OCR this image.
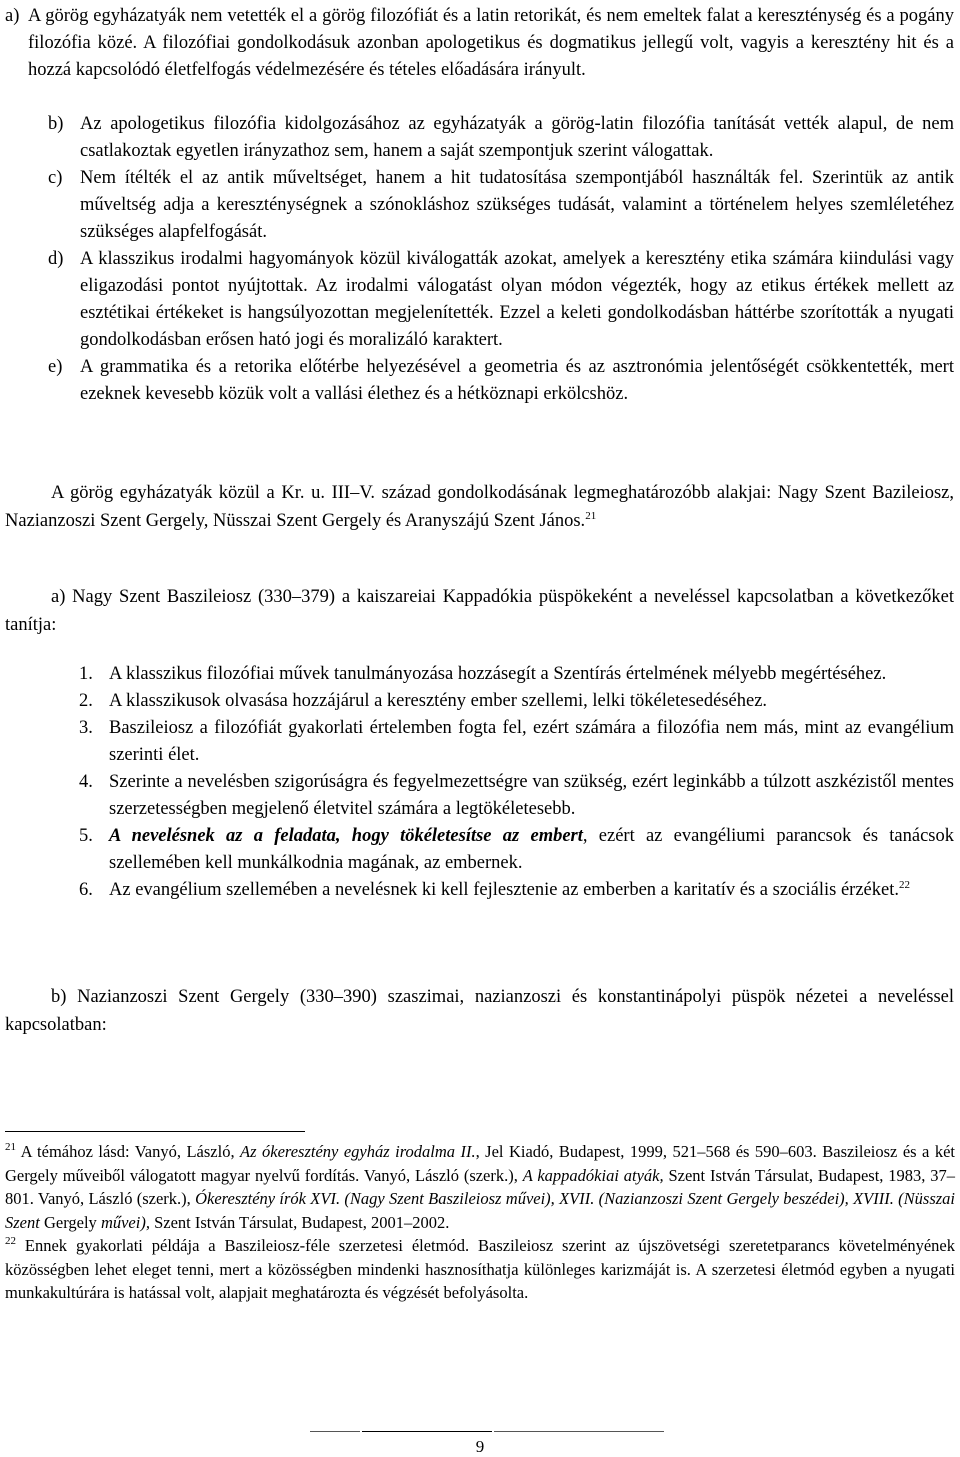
a) A görög egyházatyák nem vetették el a görög filozófiát és a latin retorikát, és nem emeltek falat a kereszténység és a pogány filozófia közé. A filozófiai gondolkodásuk azonban apologetikus és dogmatikus jellegű volt, vagyis a keresztény hit és a hozzá kapcsolódó életfelfogás védelmezésére és tételes előadására irányult.
b) Az apologetikus filozófia kidolgozásához az egyházatyák a görög-latin filozófia tanítását vették alapul, de nem csatlakoztak egyetlen irányzathoz sem, hanem a saját szempontjuk szerint válogattak.
c) Nem ítélték el az antik műveltséget, hanem a hit tudatosítása szempontjából használták fel. Szerintük az antik műveltség adja a kereszténységnek a szónokláshoz szükséges tudását, valamint a történelem helyes szemléletéhez szükséges alapfelfogását.
d) A klasszikus irodalmi hagyományok közül kiválogatták azokat, amelyek a keresztény etika számára kiindulási vagy eligazodási pontot nyújtottak. Az irodalmi válogatást olyan módon végezték, hogy az etikus értékek mellett az esztétikai értékeket is hangsúlyozottan megjelenítették. Ezzel a keleti gondolkodásban háttérbe szorították a nyugati gondolkodásban erősen ható jogi és moralizáló karaktert.
e) A grammatika és a retorika előtérbe helyezésével a geometria és az asztronómia jelentőségét csökkentették, mert ezeknek kevesebb közük volt a vallási élethez és a hétköznapi erkölcshöz.
A görög egyházatyák közül a Kr. u. III–V. század gondolkodásának legmeghatározóbb alakjai: Nagy Szent Bazileiosz, Nazianzoszi Szent Gergely, Nüsszai Szent Gergely és Aranyszájú Szent János.$^{21}$
a) Nagy Szent Baszileiosz (330–379) a kaiszareiai Kappadókia püspökeként a neveléssel kapcsolatban a következőket tanítja:
1. A klasszikus filozófiai művek tanulmányozása hozzásegít a Szentírás értelmének mélyebb megértéséhez.
2. A klasszikusok olvasása hozzájárul a keresztény ember szellemi, lelki tökéletesedéséhez.
3. Baszileiosz a filozófiát gyakorlati értelemben fogta fel, ezért számára a filozófia nem más, mint az evangélium szerinti élet.
4. Szerinte a nevelésben szigorúságra és fegyelmezettségre van szükség, ezért leginkább a túlzott aszkézistől mentes szerzetességben megjelenő életvitel számára a legtökéletesebb.
5. A nevelésnek az a feladata, hogy tökéletesítse az embert, ezért az evangéliumi parancsok és tanácsok szellemében kell munkálkodnia magának, az embernek.
6. Az evangélium szellemében a nevelésnek ki kell fejlesztenie az emberben a karitatív és a szociális érzéket.$^{22}$
b) Nazianzoszi Szent Gergely (330–390) szaszimai, nazianzoszi és konstantinápolyi püspök nézetei a neveléssel kapcsolatban:

$^{21}$ A témához lásd: Vanyó, László, Az ókeresztény egyház irodalma II., Jel Kiadó, Budapest, 1999, 521–568 és 590–603. Baszileiosz és a két Gergely műveiből válogatott magyar nyelvű fordítás. Vanyó, László (szerk.), A kappadókiai atyák, Szent István Társulat, Budapest, 1983, 37–801. Vanyó, László (szerk.), Ókeresztény írók XVI. (Nagy Szent Baszileiosz művei), XVII. (Nazianzoszi Szent Gergely beszédei), XVIII. (Nüsszai Szent Gergely művei), Szent István Társulat, Budapest, 2001–2002.

$^{22}$ Ennek gyakorlati példája a Baszileiosz-féle szerzetesi életmód. Baszileiosz szerint az újszövetségi szeretetparancs követelményének közösségben lehet eleget tenni, mert a közösségben mindenki hasznosíthatja különleges karizmáját is. A szerzetesi életmód egyben a nyugati munkakultúrára is hatással volt, alapjait meghatározta és végzését befolyásolta.

9
